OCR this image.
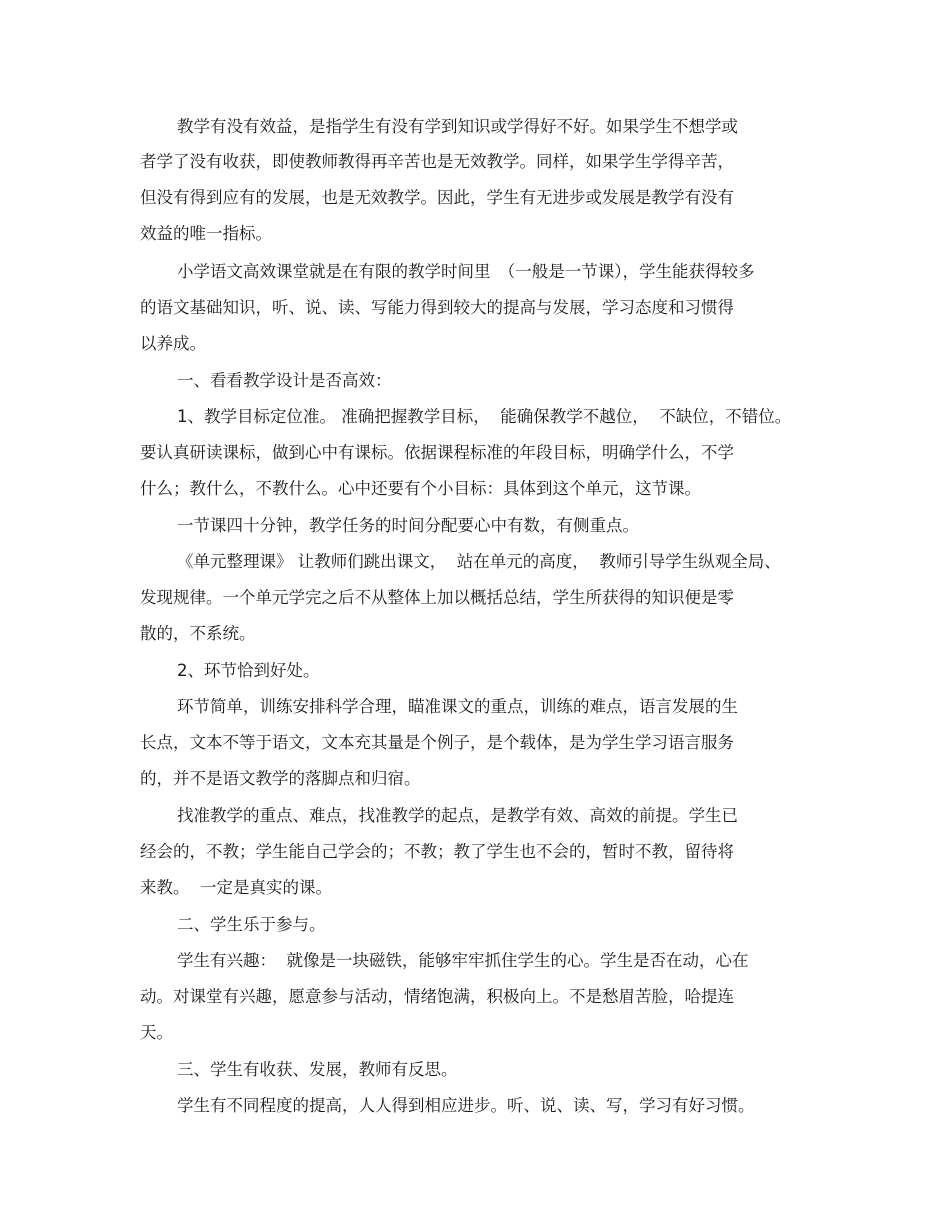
教学有没有效益，是指学生有没有学到知识或学得好不好。如果学生不想学或
者学了没有收获，即使教师教得再辛苦也是无效教学。同样，如果学生学得辛苦，
但没有得到应有的发展，也是无效教学。因此，学生有无进步或发展是教学有没有
效益的唯一指标。
小学语文高效课堂就是在有限的教学时间里　（一般是一节课），学生能获得较多
的语文基础知识，听、说、读、写能力得到较大的提高与发展，学习态度和习惯得
以养成。
一、看看教学设计是否高效：
1、教学目标定位准。 准确把握教学目标，  能确保教学不越位，  不缺位，不错位。
要认真研读课标，做到心中有课标。依据课程标准的年段目标，明确学什么，不学
什么；教什么，不教什么。心中还要有个小目标：具体到这个单元，这节课。
一节课四十分钟，教学任务的时间分配要心中有数，有侧重点。
《单元整理课》 让教师们跳出课文，  站在单元的高度，  教师引导学生纵观全局、
发现规律。一个单元学完之后不从整体上加以概括总结，学生所获得的知识便是零
散的，不系统。
2、环节恰到好处。
环节简单，训练安排科学合理，瞄准课文的重点，训练的难点，语言发展的生
长点，文本不等于语文，文本充其量是个例子，是个载体，是为学生学习语言服务
的，并不是语文教学的落脚点和归宿。
找准教学的重点、难点，找准教学的起点，是教学有效、高效的前提。学生已
经会的，不教；学生能自己学会的；不教；教了学生也不会的，暂时不教，留待将
来教。  一定是真实的课。
二、学生乐于参与。
学生有兴趣：  就像是一块磁铁，能够牢牢抓住学生的心。学生是否在动，心在
动。对课堂有兴趣，愿意参与活动，情绪饱满，积极向上。不是愁眉苦脸，哈提连
天。
三、学生有收获、发展，教师有反思。
学生有不同程度的提高，人人得到相应进步。听、说、读、写，学习有好习惯。
